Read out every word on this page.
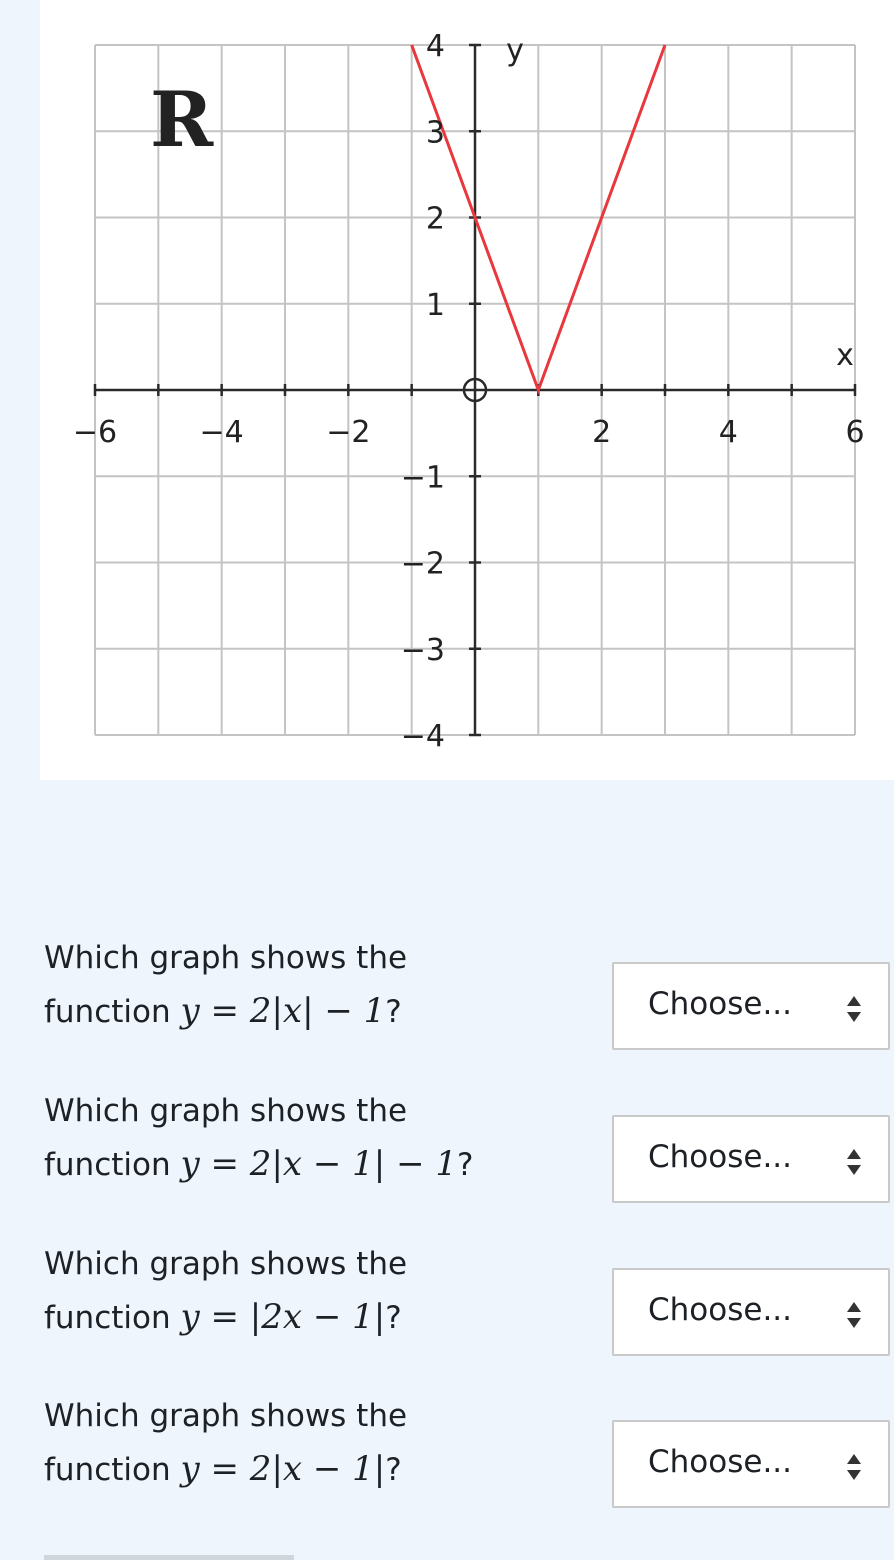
−6	−4	−2	2	4	6
4
3
2
1
−1
−2
−3
−4
x
y
R
Which graph shows the
function y = 2|x| − 1?	Choose...
Which graph shows the
function y = 2|x − 1| − 1?	Choose...
Which graph shows the
function y = |2x − 1|?	Choose...
Which graph shows the
function y = 2|x − 1|?	Choose...
